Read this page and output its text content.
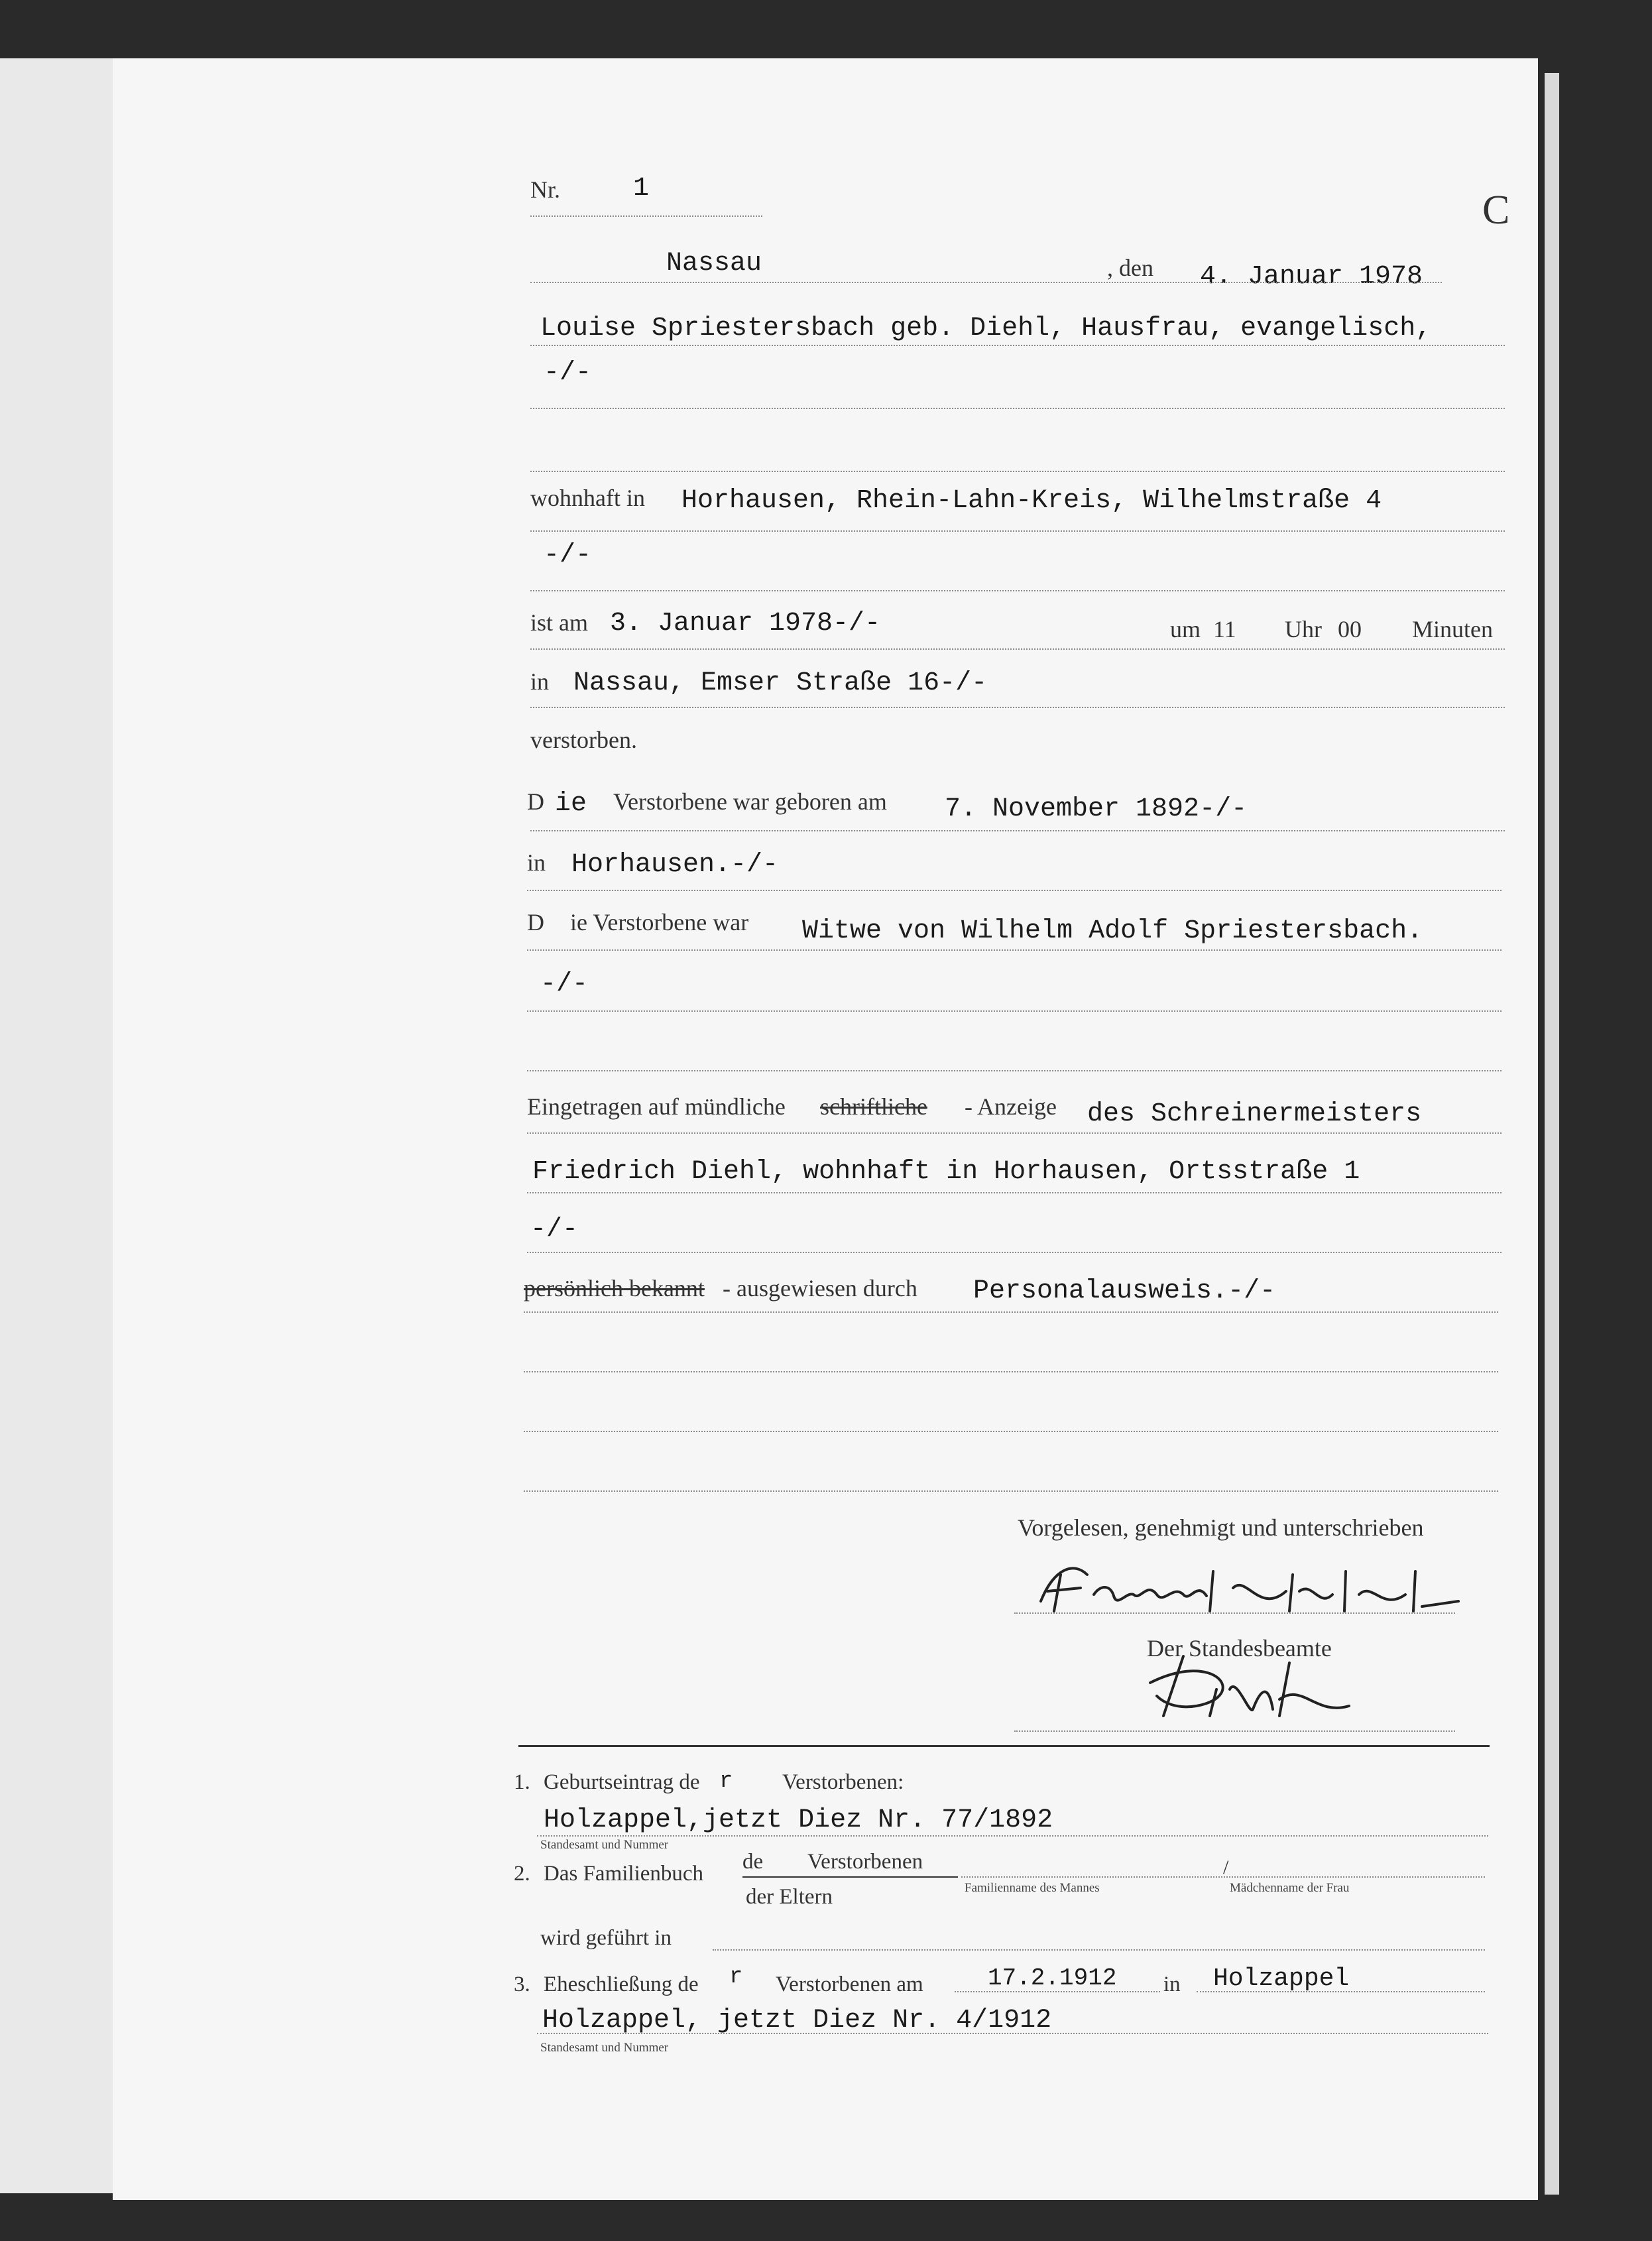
Nr.	1	C
Nassau	, den 4. Januar 1978
Louise Spriestersbach geb. Diehl, Hausfrau, evangelisch,
-/-
wohnhaft in Horhausen, Rhein-Lahn-Kreis, Wilhelmstraße 4
-/-
ist am 3. Januar 1978-/-	um 11 Uhr 00 Minuten
in Nassau, Emser Straße 16-/-
verstorben.
D ie Verstorbene war geboren am 7. November 1892-/-
in Horhausen.-/-
D ie Verstorbene war Witwe von Wilhelm Adolf Spriestersbach.
-/-
Eingetragen auf mündliche schriftliche - Anzeige des Schreinermeisters
Friedrich Diehl, wohnhaft in Horhausen, Ortsstraße 1
-/-
persönlich bekannt - ausgewiesen durch Personalausweis.-/-
Vorgelesen, genehmigt und unterschrieben
Der Standesbeamte
1. Geburtseintrag de r Verstorbenen:
Holzappel,jetzt Diez Nr. 77/1892
Standesamt und Nummer
2. Das Familienbuch de Verstorbenen
der Eltern
/
Familienname des Mannes	Mädchenname der Frau
wird geführt in
3. Eheschließung de r Verstorbenen am	17.2.1912 in Holzappel
Holzappel, jetzt Diez Nr. 4/1912
Standesamt und Nummer
